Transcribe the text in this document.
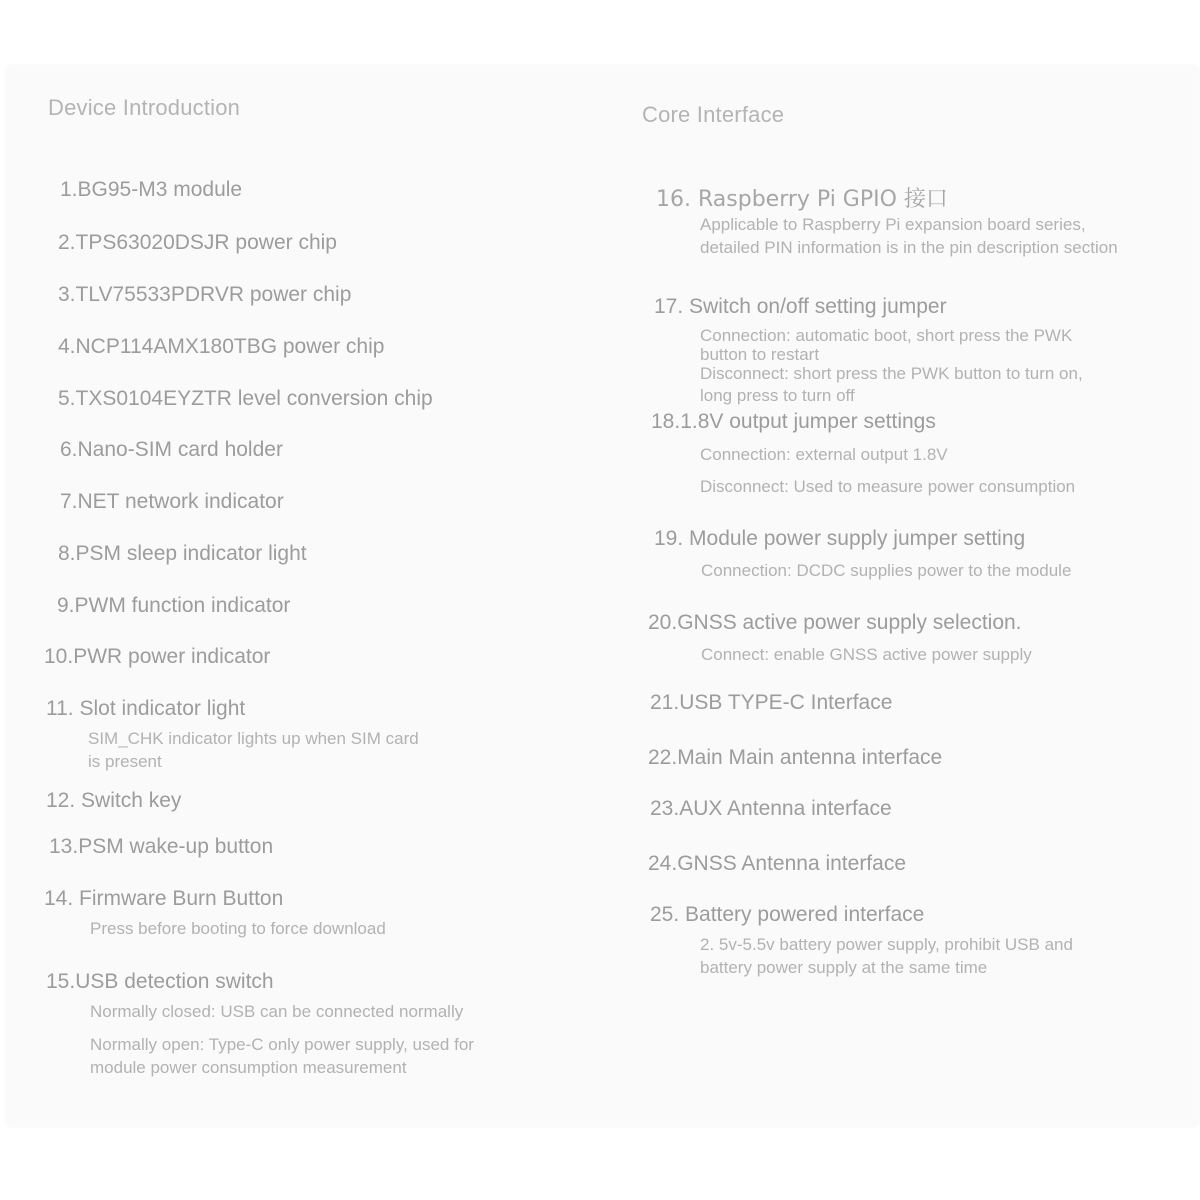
Device Introduction
1.BG95-M3 module
2.TPS63020DSJR power chip
3.TLV75533PDRVR power chip
4.NCP114AMX180TBG power chip
5.TXS0104EYZTR level conversion chip
6.Nano-SIM card holder
7.NET network indicator
8.PSM sleep indicator light
9.PWM function indicator
10.PWR power indicator
11. Slot indicator light
SIM_CHK indicator lights up when SIM card
is present
12. Switch key
13.PSM wake-up button
14. Firmware Burn Button
Press before booting to force download
15.USB detection switch
Normally closed: USB can be connected normally
Normally open: Type-C only power supply, used for
module power consumption measurement
Core Interface
16. Raspberry Pi GPIO 接口
Applicable to Raspberry Pi expansion board series,
detailed PIN information is in the pin description section
17. Switch on/off setting jumper
Connection: automatic boot, short press the PWK
button to restart
Disconnect: short press the PWK button to turn on,
long press to turn off
18.1.8V output jumper settings
Connection: external output 1.8V
Disconnect: Used to measure power consumption
19. Module power supply jumper setting
Connection: DCDC supplies power to the module
20.GNSS active power supply selection.
Connect: enable GNSS active power supply
21.USB TYPE-C Interface
22.Main Main antenna interface
23.AUX Antenna interface
24.GNSS Antenna interface
25. Battery powered interface
2. 5v-5.5v battery power supply, prohibit USB and
battery power supply at the same time
